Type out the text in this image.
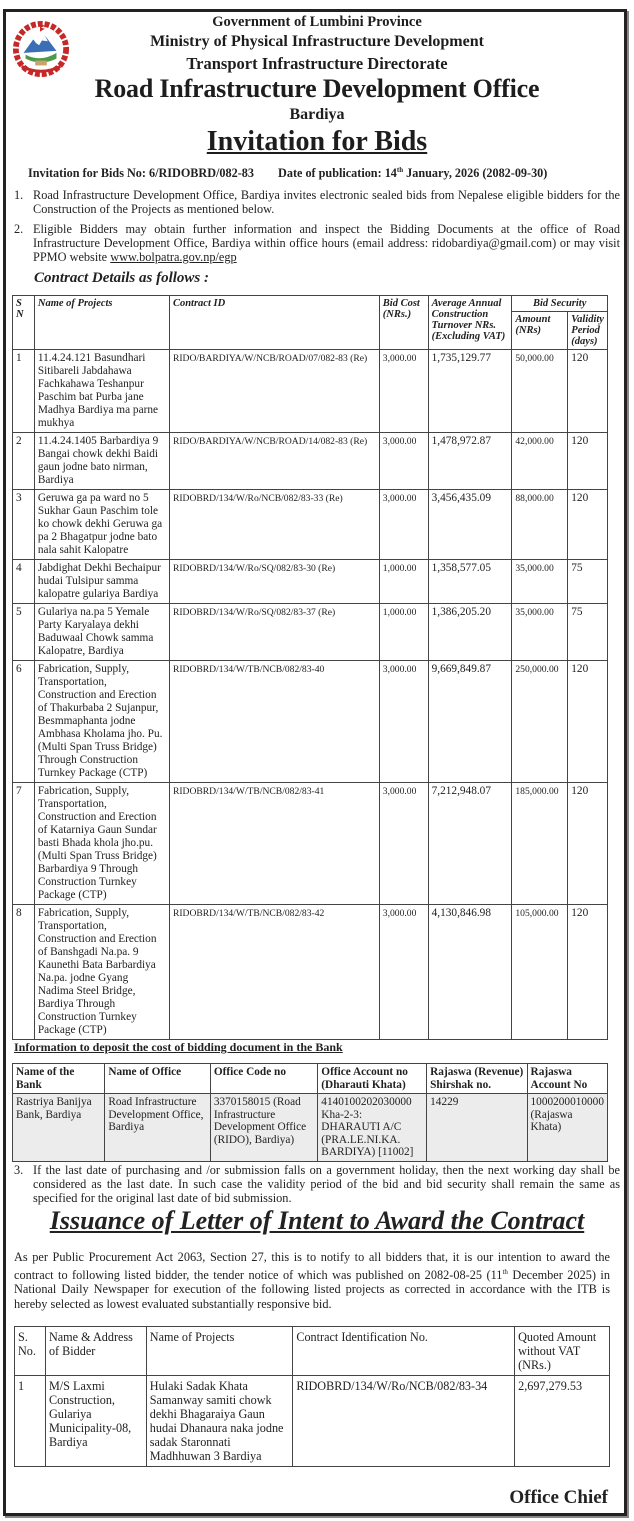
Government of Lumbini Province
Ministry of Physical Infrastructure Development
Transport Infrastructure Directorate
Road Infrastructure Development Office
Bardiya
Invitation for Bids
Invitation for Bids No: 6/RIDOBRD/082-83 Date of publication: 14th January, 2026 (2082-09-30)
1. Road Infrastructure Development Office, Bardiya invites electronic sealed bids from Nepalese eligible bidders for the Construction of the Projects as mentioned below.
2. Eligible Bidders may obtain further information and inspect the Bidding Documents at the office of Road Infrastructure Development Office, Bardiya within office hours (email address: ridobardiya@gmail.com) or may visit PPMO website www.bolpatra.gov.np/egp
Contract Details as follows :
S
N	Name of Projects	Contract ID	Bid Cost (NRs.)	Average Annual Construction Turnover NRs. (Excluding VAT)	Bid Security	
					Amount (NRs)	Validity Period (days)
1	11.4.24.121 Basundhari Sitibareli Jabdahawa Fachkahawa Teshanpur Paschim bat Purba jane Madhya Bardiya ma parne mukhya	RIDO/BARDIYA/W/NCB/ROAD/07/082-83 (Re)	3,000.00	1,735,129.77	50,000.00	120
2	11.4.24.1405 Barbardiya 9 Bangai chowk dekhi Baidi gaun jodne bato nirman, Bardiya	RIDO/BARDIYA/W/NCB/ROAD/14/082-83 (Re)	3,000.00	1,478,972.87	42,000.00	120
3	Geruwa ga pa ward no 5 Sukhar Gaun Paschim tole ko chowk dekhi Geruwa ga pa 2 Bhagatpur jodne bato nala sahit Kalopatre	RIDOBRD/134/W/Ro/NCB/082/83-33 (Re)	3,000.00	3,456,435.09	88,000.00	120
4	Jabdighat Dekhi Bechaipur hudai Tulsipur samma kalopatre gulariya Bardiya	RIDOBRD/134/W/Ro/SQ/082/83-30 (Re)	1,000.00	1,358,577.05	35,000.00	75
5	Gulariya na.pa 5 Yemale Party Karyalaya dekhi Baduwaal Chowk samma Kalopatre, Bardiya	RIDOBRD/134/W/Ro/SQ/082/83-37 (Re)	1,000.00	1,386,205.20	35,000.00	75
6	Fabrication, Supply, Transportation, Construction and Erection of Thakurbaba 2 Sujanpur, Besmmaphanta jodne Ambhasa Kholama jho. Pu. (Multi Span Truss Bridge) Through Construction Turnkey Package (CTP)	RIDOBRD/134/W/TB/NCB/082/83-40	3,000.00	9,669,849.87	250,000.00	120
7	Fabrication, Supply, Transportation, Construction and Erection of Katarniya Gaun Sundar basti Bhada khola jho.pu. (Multi Span Truss Bridge) Barbardiya 9 Through Construction Turnkey Package (CTP)	RIDOBRD/134/W/TB/NCB/082/83-41	3,000.00	7,212,948.07	185,000.00	120
8	Fabrication, Supply, Transportation, Construction and Erection of Banshgadi Na.pa. 9 Kaunethi Bata Barbardiya Na.pa. jodne Gyang Nadima Steel Bridge, Bardiya Through Construction Turnkey Package (CTP)	RIDOBRD/134/W/TB/NCB/082/83-42	3,000.00	4,130,846.98	105,000.00	120
Information to deposit the cost of bidding document in the Bank
Name of the Bank	Name of Office	Office Code no	Office Account no (Dharauti Khata)	Rajaswa (Revenue) Shirshak no.	Rajaswa Account No
Rastriya Banijya Bank, Bardiya	Road Infrastructure Development Office, Bardiya	3370158015 (Road Infrastructure Development Office (RIDO), Bardiya)	4140100202030000 Kha-2-3: DHARAUTI A/C (PRA.LE.NI.KA. BARDIYA) [11002]	14229	1000200010000 (Rajaswa Khata)
3. If the last date of purchasing and /or submission falls on a government holiday, then the next working day shall be considered as the last date. In such case the validity period of the bid and bid security shall remain the same as specified for the original last date of bid submission.
Issuance of Letter of Intent to Award the Contract
As per Public Procurement Act 2063, Section 27, this is to notify to all bidders that, it is our intention to award the contract to following listed bidder, the tender notice of which was published on 2082-08-25 (11th December 2025) in National Daily Newspaper for execution of the following listed projects as corrected in accordance with the ITB is hereby selected as lowest evaluated substantially responsive bid.
S. No.	Name & Address of Bidder	Name of Projects	Contract Identification No.	Quoted Amount without VAT (NRs.)
1	M/S Laxmi Construction, Gulariya Municipality-08, Bardiya	Hulaki Sadak Khata Samanway samiti chowk dekhi Bhagaraiya Gaun hudai Dhanaura naka jodne sadak Staronnati Madhhuwan 3 Bardiya	RIDOBRD/134/W/Ro/NCB/082/83-34	2,697,279.53
Office Chief
